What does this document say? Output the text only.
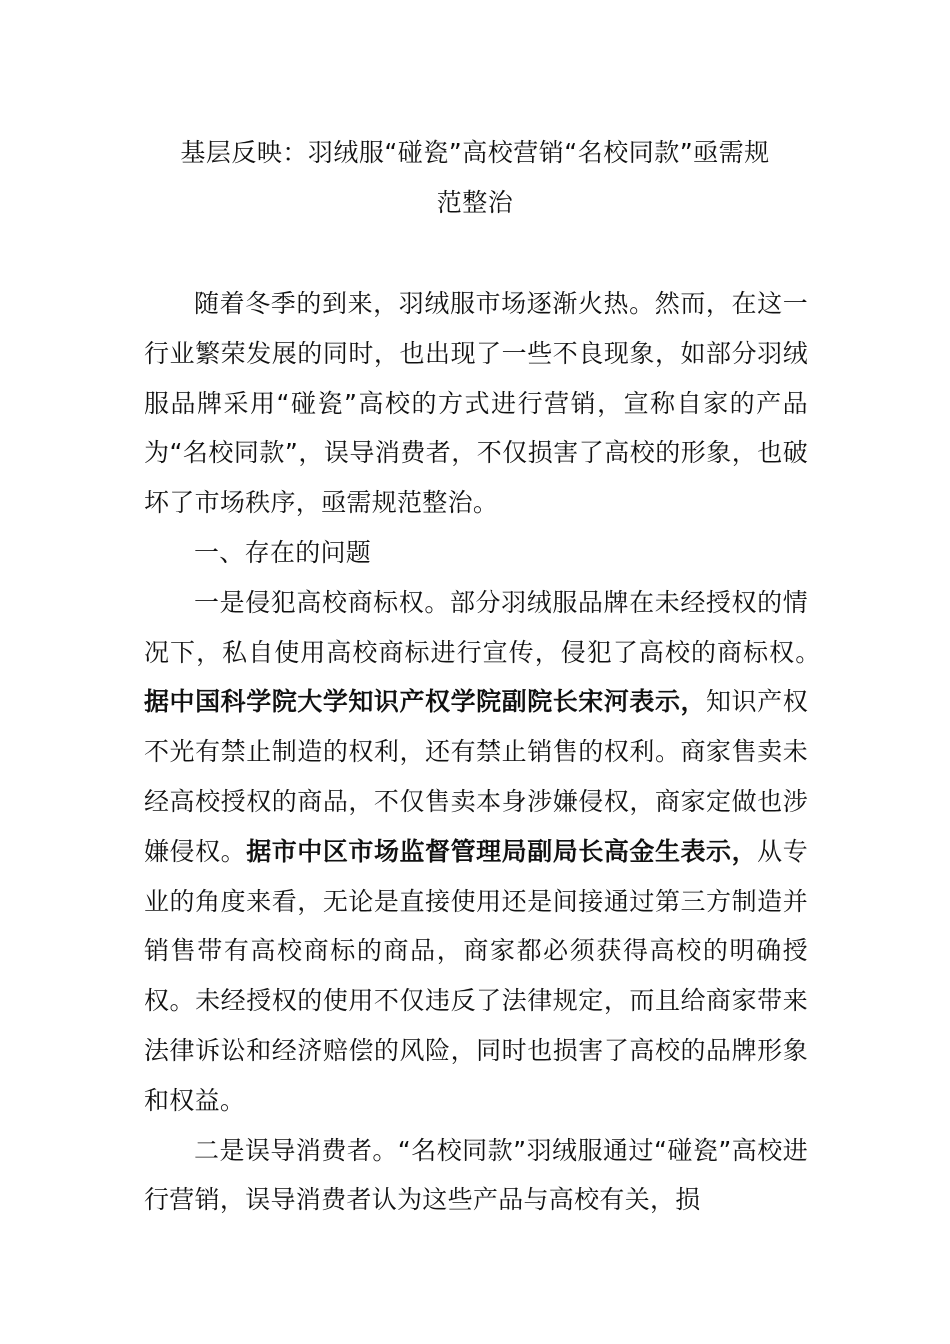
基层反映：羽绒服“碰瓷”高校营销“名校同款”亟需规
范整治

随着冬季的到来，羽绒服市场逐渐火热。然而，在这一行业繁荣发展的同时，也出现了一些不良现象，如部分羽绒服品牌采用“碰瓷”高校的方式进行营销，宣称自家的产品为“名校同款”，误导消费者，不仅损害了高校的形象，也破坏了市场秩序，亟需规范整治。

一、存在的问题

一是侵犯高校商标权。部分羽绒服品牌在未经授权的情况下，私自使用高校商标进行宣传，侵犯了高校的商标权。　据中国科学院大学知识产权学院副院长宋河表示，知识产权不光有禁止制造的权利，还有禁止销售的权利。商家售卖未经高校授权的商品，不仅售卖本身涉嫌侵权，商家定做也涉嫌侵权。据市中区市场监督管理局副局长高金生表示，从专业的角度来看，无论是直接使用还是间接通过第三方制造并销售带有高校商标的商品，商家都必须获得高校的明确授权。未经授权的使用不仅违反了法律规定，而且给商家带来法律诉讼和经济赔偿的风险，同时也损害了高校的品牌形象和权益。

二是误导消费者。“名校同款”羽绒服通过“碰瓷”高校进行营销，误导消费者认为这些产品与高校有关，损
